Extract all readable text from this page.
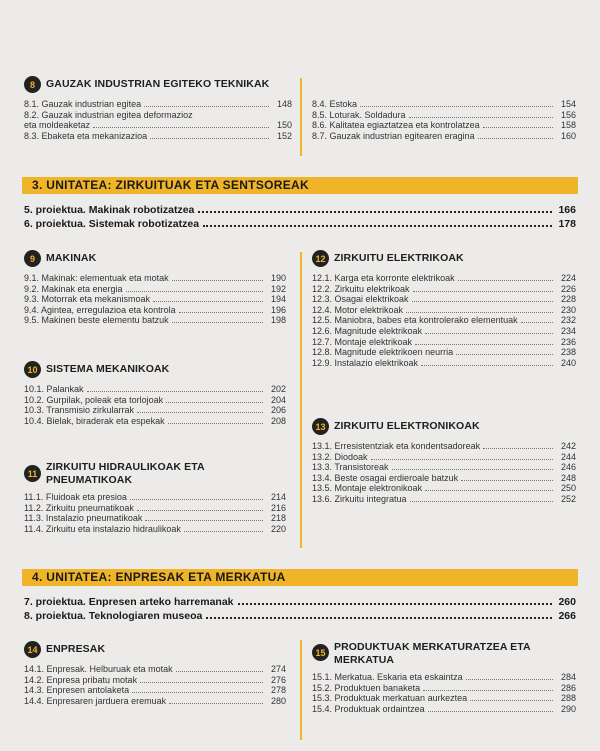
8	GAUZAK INDUSTRIAN EGITEKO TEKNIKAK
8.1. Gauzak industrian egitea	148
8.2. Gauzak industrian egitea deformazioz
eta moldeaketaz	150
8.3. Ebaketa eta mekanizazioa	152
8.4. Estoka	154
8.5. Loturak. Soldadura	156
8.6. Kalitatea egiaztatzea eta kontrolatzea	158
8.7. Gauzak industrian egitearen eragina	160
3. UNITATEA: ZIRKUITUAK ETA SENTSOREAK
5. proiektua. Makinak robotizatzea	166
6. proiektua. Sistemak robotizatzea	178
9	MAKINAK
9.1. Makinak: elementuak eta motak	190
9.2. Makinak eta energia	192
9.3. Motorrak eta mekanismoak	194
9.4. Agintea, erregulazioa eta kontrola	196
9.5. Makinen beste elementu batzuk	198
10 SISTEMA MEKANIKOAK
10.1. Palankak	202
10.2. Gurpilak, poleak eta torlojoak	204
10.3. Transmisio zirkularrak	206
10.4. Bielak, biraderak eta espekak	208
11
ZIRKUITU HIDRAULIKOAK ETA PNEUMATIKOAK
11.1. Fluidoak eta presioa	214
11.2. Zirkuitu pneumatikoak	216
11.3. Instalazio pneumatikoak	218
11.4. Zirkuitu eta instalazio hidraulikoak	220
12 ZIRKUITU ELEKTRIKOAK
12.1. Karga eta korronte elektrikoak	224
12.2. Zirkuitu elektrikoak	226
12.3. Osagai elektrikoak	228
12.4. Motor elektrikoak	230
12.5. Maniobra, babes eta kontrolerako elementuak	232
12.6. Magnitude elektrikoak	234
12.7. Montaje elektrikoak	236
12.8. Magnitude elektrikoen neurria	238
12.9. Instalazio elektrikoak	240
13 ZIRKUITU ELEKTRONIKOAK
13.1. Erresistentziak eta kondentsadoreak	242
13.2. Diodoak	244
13.3. Transistoreak	246
13.4. Beste osagai erdieroale batzuk	248
13.5. Montaje elektronikoak	250
13.6. Zirkuitu integratua	252
4. UNITATEA: ENPRESAK ETA MERKATUA
7. proiektua. Enpresen arteko harremanak	260
8. proiektua. Teknologiaren museoa	266
14 ENPRESAK
14.1. Enpresak. Helburuak eta motak	274
14.2. Enpresa pribatu motak	276
14.3. Enpresen antolaketa	278
14.4. Enpresaren jarduera eremuak	280
15 PRODUKTUAK MERKATURATZEA ETA MERKATUA
15.1. Merkatua. Eskaria eta eskaintza	284
15.2. Produktuen banaketa	286
15.3. Produktuak merkatuan aurkeztea	288
15.4. Produktuak ordaintzea	290
